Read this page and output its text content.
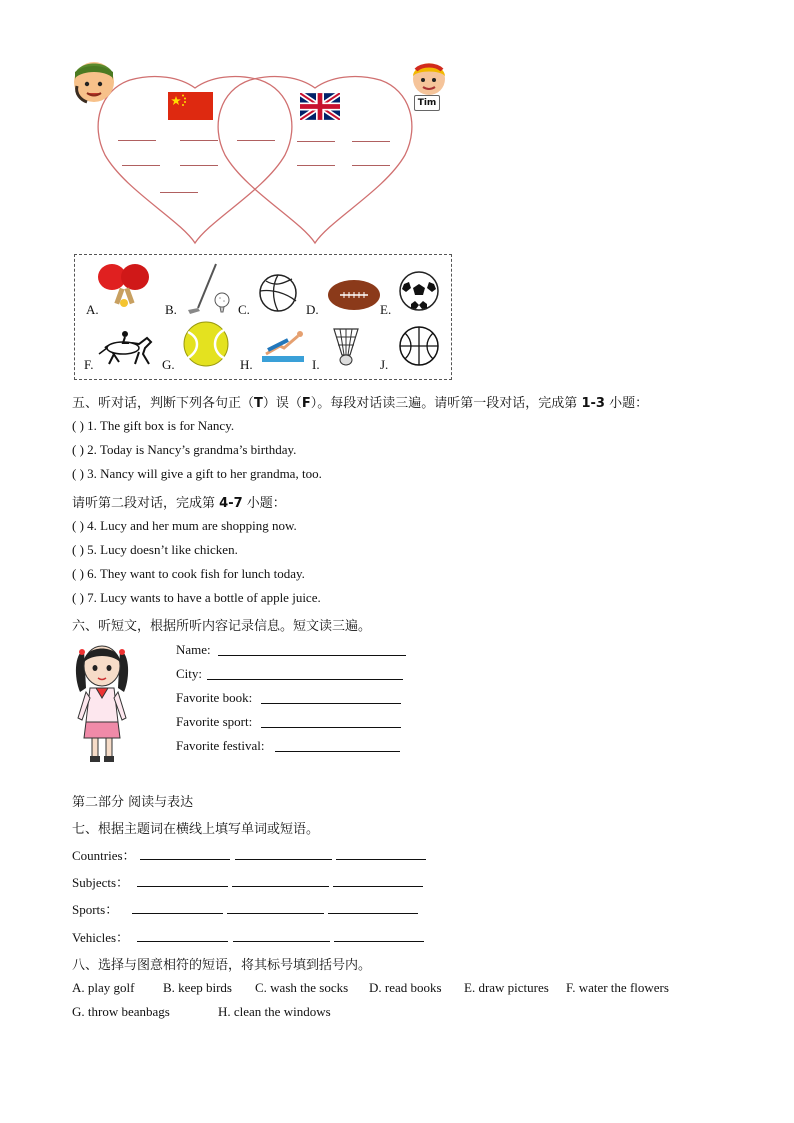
Tim
A.	B.	C.	D.	E.
F.	G.	H.	I.	J.
五、听对话，判断下列各句正（T）误（F）。每段对话读三遍。请听第一段对话，完成第 1-3 小题：
( ) 1. The gift box is for Nancy.
( ) 2. Today is Nancy’s grandma’s birthday.
( ) 3. Nancy will give a gift to her grandma, too.
请听第二段对话，完成第 4-7 小题：
( ) 4. Lucy and her mum are shopping now.
( ) 5. Lucy doesn’t like chicken.
( ) 6. They want to cook fish for lunch today.
( ) 7. Lucy wants to have a bottle of apple juice.
六、听短文，根据所听内容记录信息。短文读三遍。
Name:
City:
Favorite book:
Favorite sport:
Favorite festival:
第二部分 阅读与表达
七、根据主题词在横线上填写单词或短语。
Countries：
Subjects：
Sports：
Vehicles：
八、选择与图意相符的短语，将其标号填到括号内。
A. play golf B. keep birds C. wash the socks D. read books E. draw pictures F. water the flowers
G. throw beanbags	H. clean the windows
